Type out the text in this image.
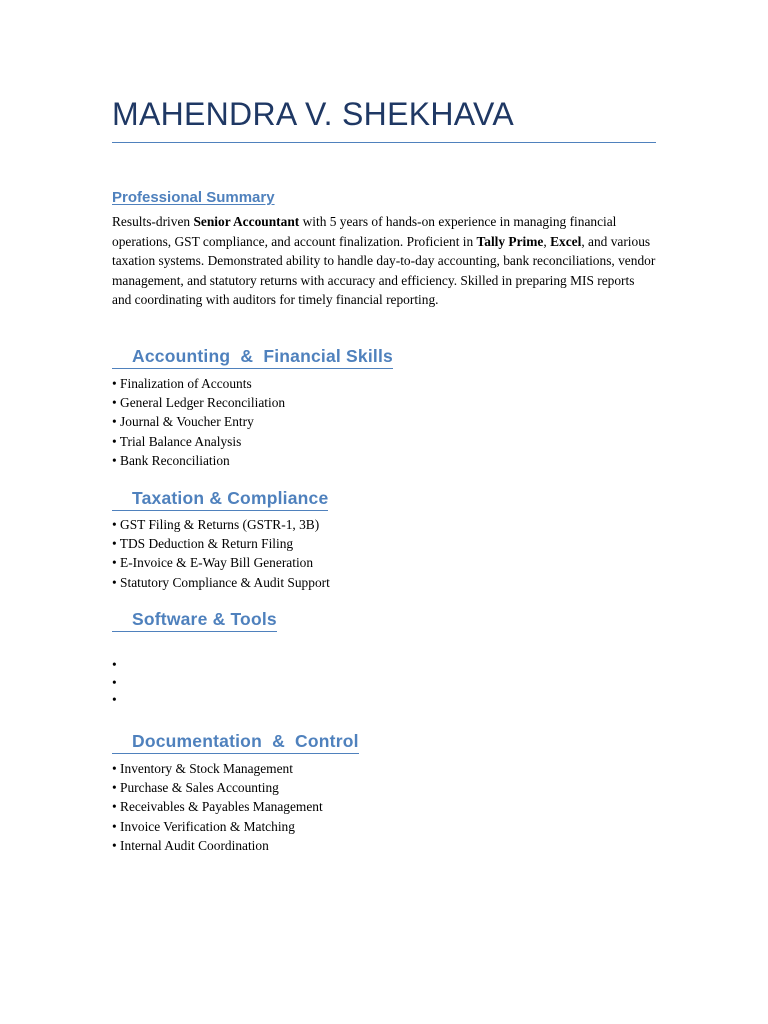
MAHENDRA V. SHEKHAVA
Professional Summary

Results-driven Senior Accountant with 5 years of hands-on experience in managing financial operations, GST compliance, and account finalization. Proficient in Tally Prime, Excel, and various taxation systems. Demonstrated ability to handle day-to-day accounting, bank reconciliations, vendor management, and statutory returns with accuracy and efficiency. Skilled in preparing MIS reports and coordinating with auditors for timely financial reporting.

Accounting  &  Financial Skills
• Finalization of Accounts
• General Ledger Reconciliation
• Journal & Voucher Entry
• Trial Balance Analysis
• Bank Reconciliation
Taxation & Compliance
• GST Filing & Returns (GSTR-1, 3B)
• TDS Deduction & Return Filing
• E-Invoice & E-Way Bill Generation
• Statutory Compliance & Audit Support
Software & Tools
•
•
•
Documentation  &  Control
• Inventory & Stock Management
• Purchase & Sales Accounting
• Receivables & Payables Management
• Invoice Verification & Matching
• Internal Audit Coordination
